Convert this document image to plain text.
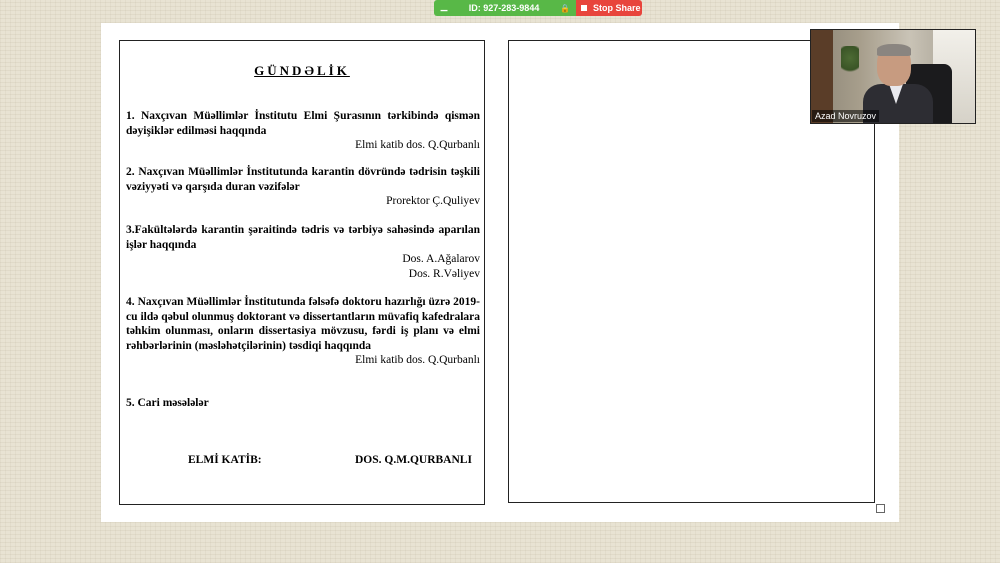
⚊ ID: 927-283-9844	🔒	Stop Share
GÜNDƏLİK
1. Naxçıvan Müəllimlər İnstitutu Elmi Şurasının tərkibində qismən dəyişiklər edilməsi haqqında
Elmi katib dos. Q.Qurbanlı
2. Naxçıvan Müəllimlər İnstitutunda karantin dövründə tədrisin təşkili vəziyyəti və qarşıda duran vəzifələr
Prorektor Ç.Quliyev
3.Fakültələrdə karantin şəraitində tədris və tərbiyə sahəsində aparılan işlər haqqında
Dos. A.Ağalarov
Dos. R.Vəliyev
4. Naxçıvan Müəllimlər İnstitutunda fəlsəfə doktoru hazırlığı üzrə 2019-cu ildə qəbul olunmuş doktorant və dissertantların müvafiq kafedralara təhkim olunması, onların dissertasiya mövzusu, fərdi iş planı və elmi rəhbərlərinin (məsləhətçilərinin) təsdiqi haqqında
Elmi katib dos. Q.Qurbanlı
5. Cari məsələlər
ELMİ KATİB:	DOS. Q.M.QURBANLI
Azad Novruzov
